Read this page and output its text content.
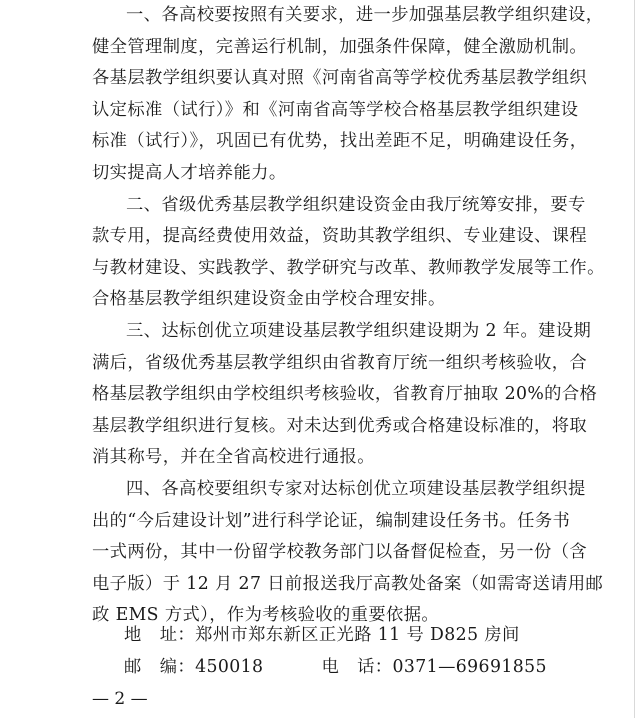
一、各高校要按照有关要求，进一步加强基层教学组织建设，
健全管理制度，完善运行机制，加强条件保障，健全激励机制。
各基层教学组织要认真对照《河南省高等学校优秀基层教学组织
认定标准（试行）》和《河南省高等学校合格基层教学组织建设
标准（试行）》，巩固已有优势，找出差距不足，明确建设任务，
切实提高人才培养能力。
二、省级优秀基层教学组织建设资金由我厅统筹安排，要专
款专用，提高经费使用效益，资助其教学组织、专业建设、课程
与教材建设、实践教学、教学研究与改革、教师教学发展等工作。
合格基层教学组织建设资金由学校合理安排。
三、达标创优立项建设基层教学组织建设期为 2 年。建设期
满后，省级优秀基层教学组织由省教育厅统一组织考核验收，合
格基层教学组织由学校组织考核验收，省教育厅抽取 20%的合格
基层教学组织进行复核。对未达到优秀或合格建设标准的，将取
消其称号，并在全省高校进行通报。
四、各高校要组织专家对达标创优立项建设基层教学组织提
出的“今后建设计划”进行科学论证，编制建设任务书。任务书
一式两份，其中一份留学校教务部门以备督促检查，另一份（含
电子版）于 12 月 27 日前报送我厅高教处备案（如需寄送请用邮
政 EMS 方式），作为考核验收的重要依据。
地 址：郑州市郑东新区正光路 11 号 D825 房间
邮 编：450018	电 话：0371—69691855
— 2 —
